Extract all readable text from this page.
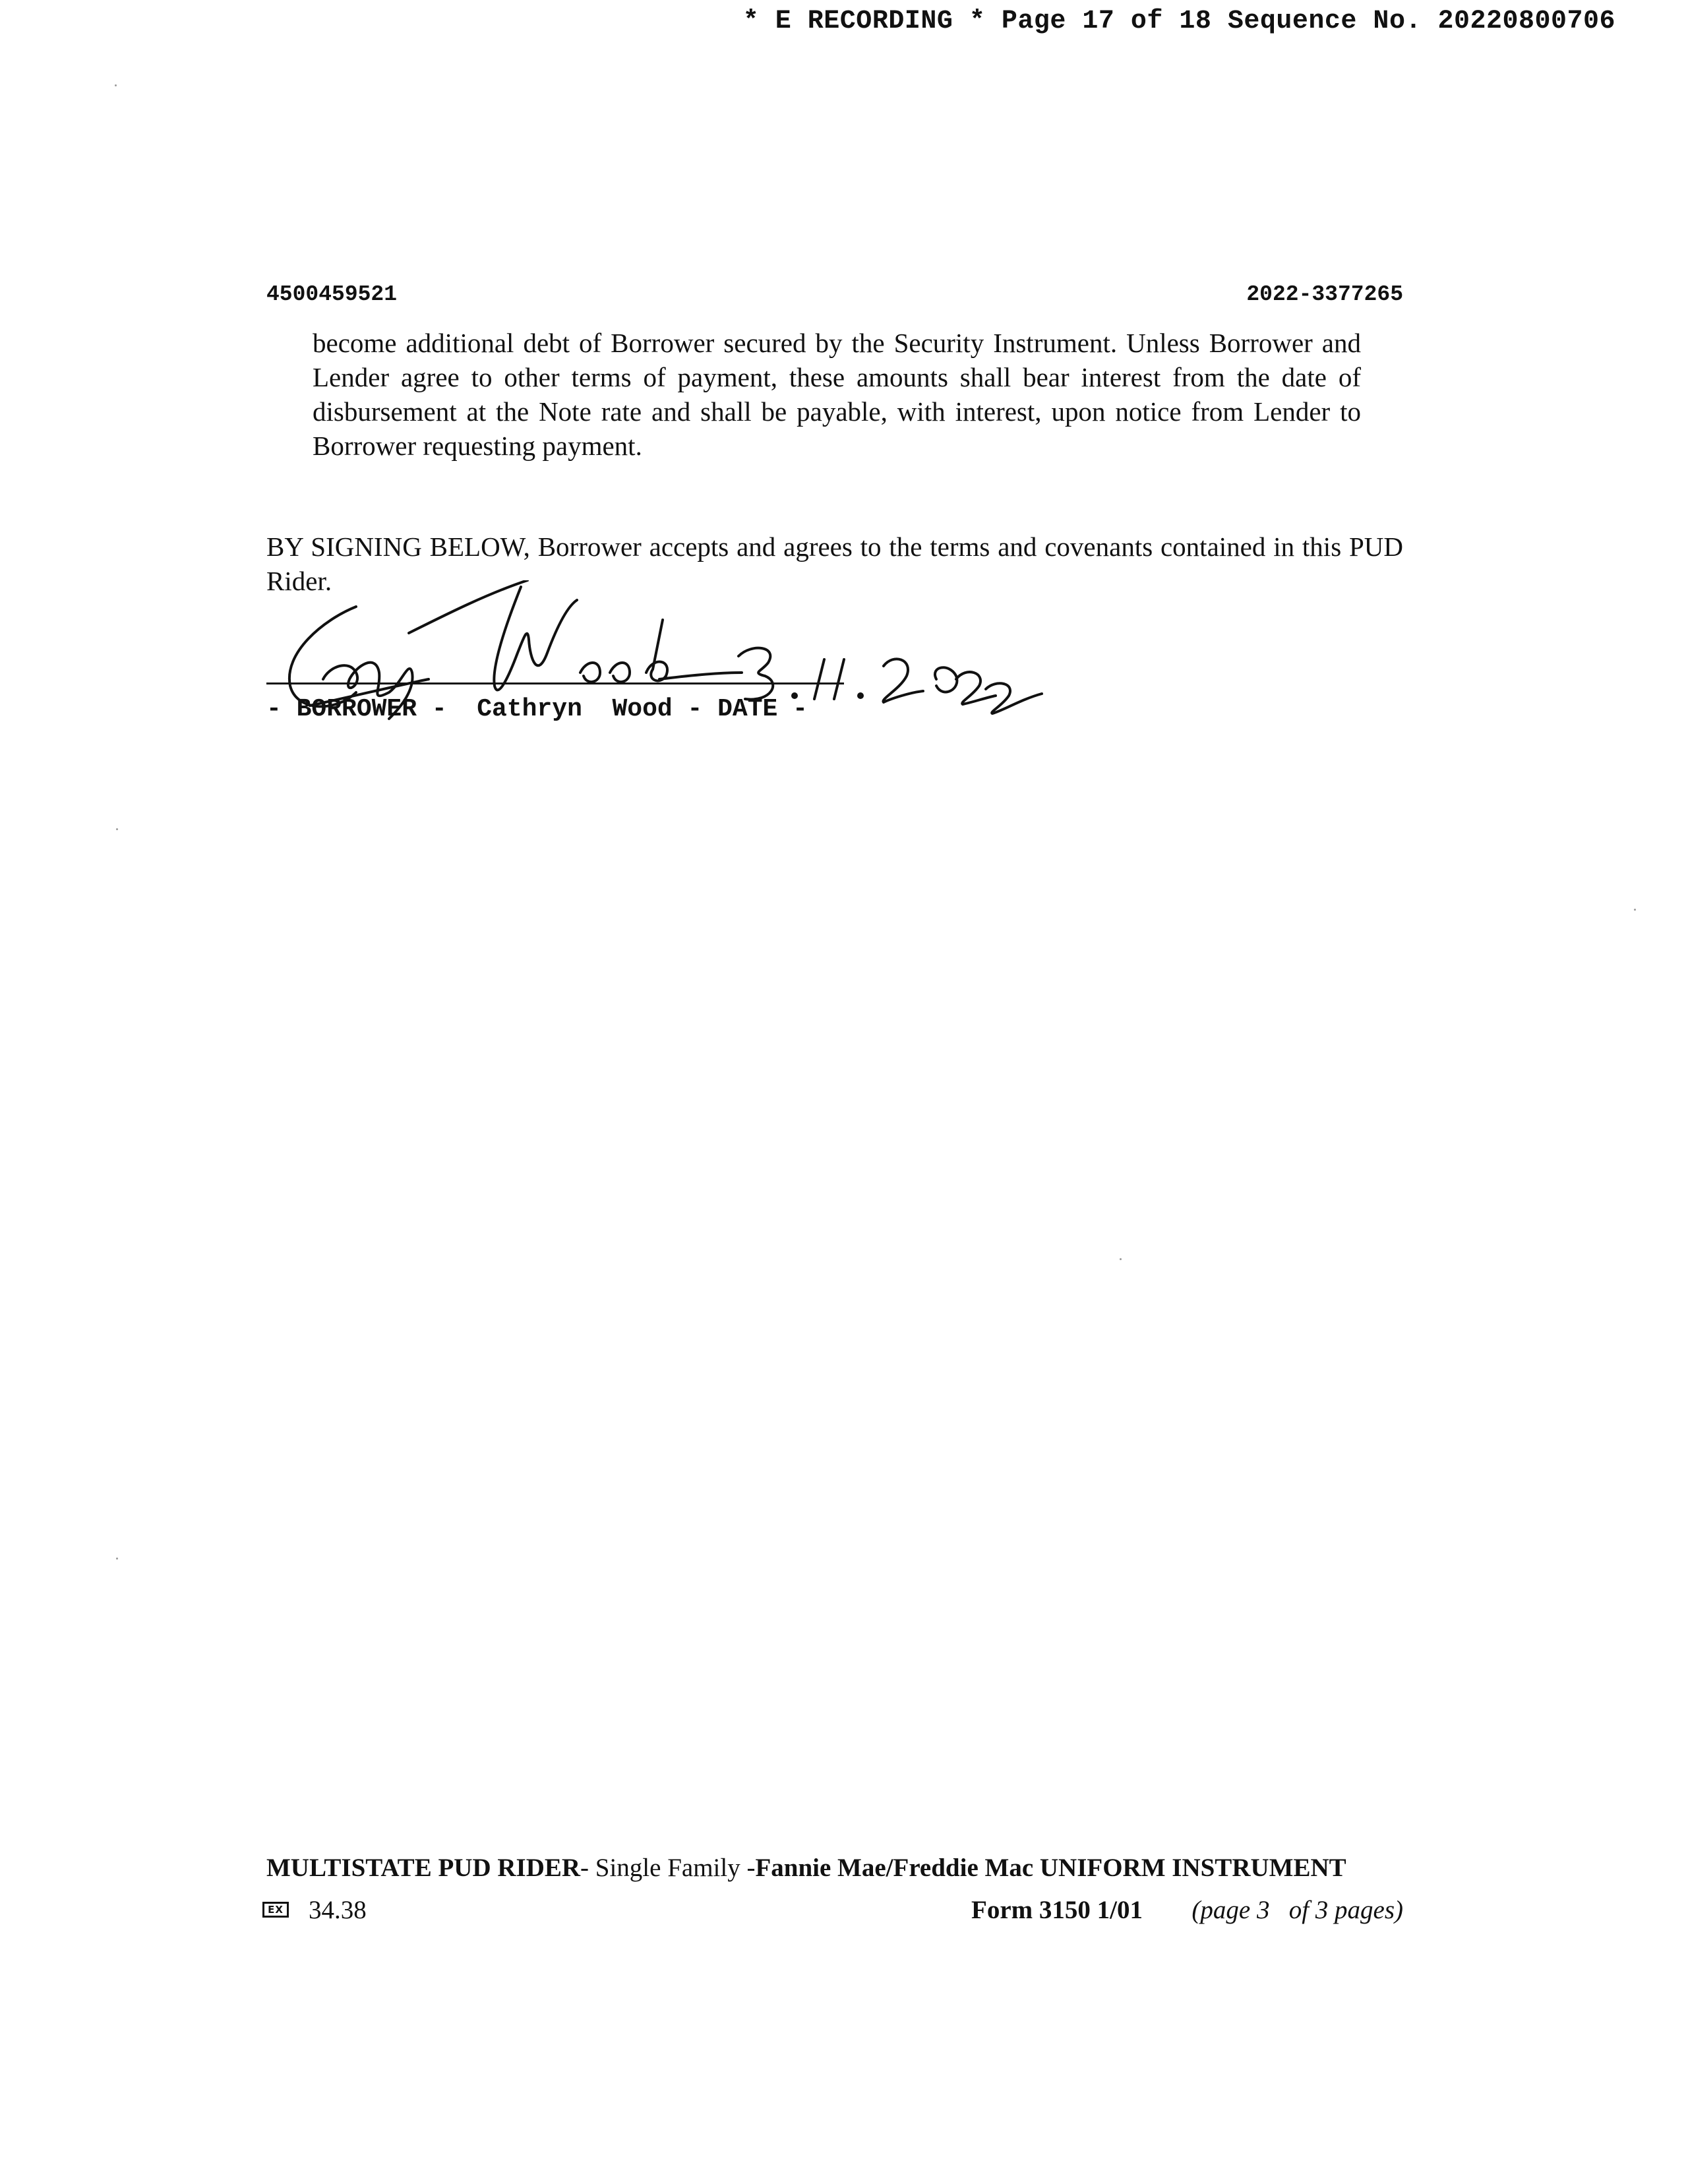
* E RECORDING * Page 17 of 18 Sequence No. 20220800706
4500459521	2022-3377265

become additional debt of Borrower secured by the Security Instrument. Unless Borrower and Lender agree to other terms of payment, these amounts shall bear interest from the date of disbursement at the Note rate and shall be payable, with interest, upon notice from Lender to Borrower requesting payment.

BY SIGNING BELOW, Borrower accepts and agrees to the terms and covenants contained in this PUD Rider.

- BORROWER -  Cathryn  Wood - DATE -
MULTISTATE PUD RIDER- Single Family -Fannie Mae/Freddie Mac UNIFORM INSTRUMENT
EX 34.38	Form 3150 1/01 (page 3   of 3 pages)
